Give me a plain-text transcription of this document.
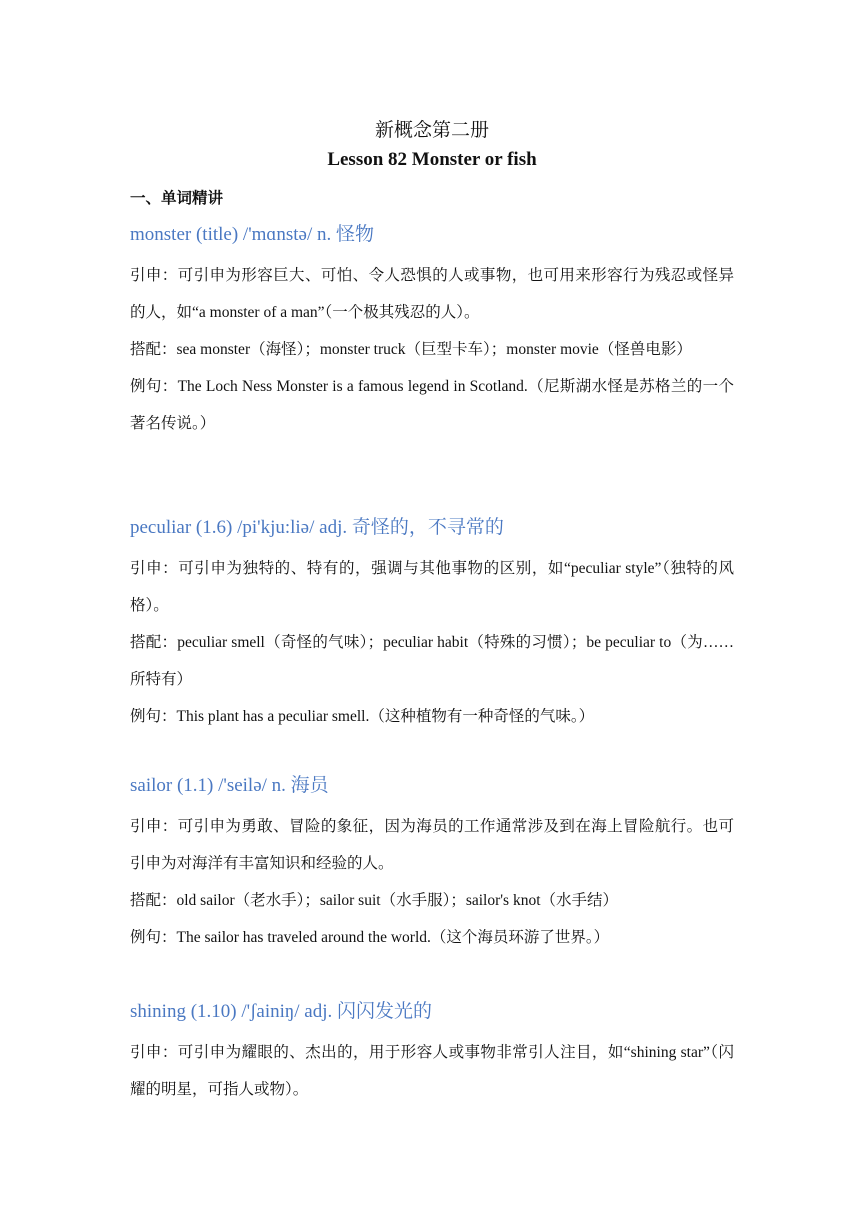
新概念第二册
Lesson 82 Monster or fish
一、单词精讲
monster (title) /'mɑnstə/ n. 怪物

引申：可引申为形容巨大、可怕、令人恐惧的人或事物，也可用来形容行为残忍或怪异的人，如“a monster of a man”（一个极其残忍的人）。

搭配：sea monster（海怪）；monster truck（巨型卡车）；monster movie（怪兽电影）

例句：The Loch Ness Monster is a famous legend in Scotland.（尼斯湖水怪是苏格兰的一个著名传说。）

peculiar (1.6) /pi'kju:liə/ adj. 奇怪的，不寻常的

引申：可引申为独特的、特有的，强调与其他事物的区别，如“peculiar style”（独特的风格）。

搭配：peculiar smell（奇怪的气味）；peculiar habit（特殊的习惯）；be peculiar to（为……所特有）

例句：This plant has a peculiar smell.（这种植物有一种奇怪的气味。）

sailor (1.1) /'seilə/ n. 海员

引申：可引申为勇敢、冒险的象征，因为海员的工作通常涉及到在海上冒险航行。也可引申为对海洋有丰富知识和经验的人。

搭配：old sailor（老水手）；sailor suit（水手服）；sailor's knot（水手结）

例句：The sailor has traveled around the world.（这个海员环游了世界。）

shining (1.10) /'ʃainiŋ/ adj. 闪闪发光的

引申：可引申为耀眼的、杰出的，用于形容人或事物非常引人注目，如“shining star”（闪耀的明星，可指人或物）。
